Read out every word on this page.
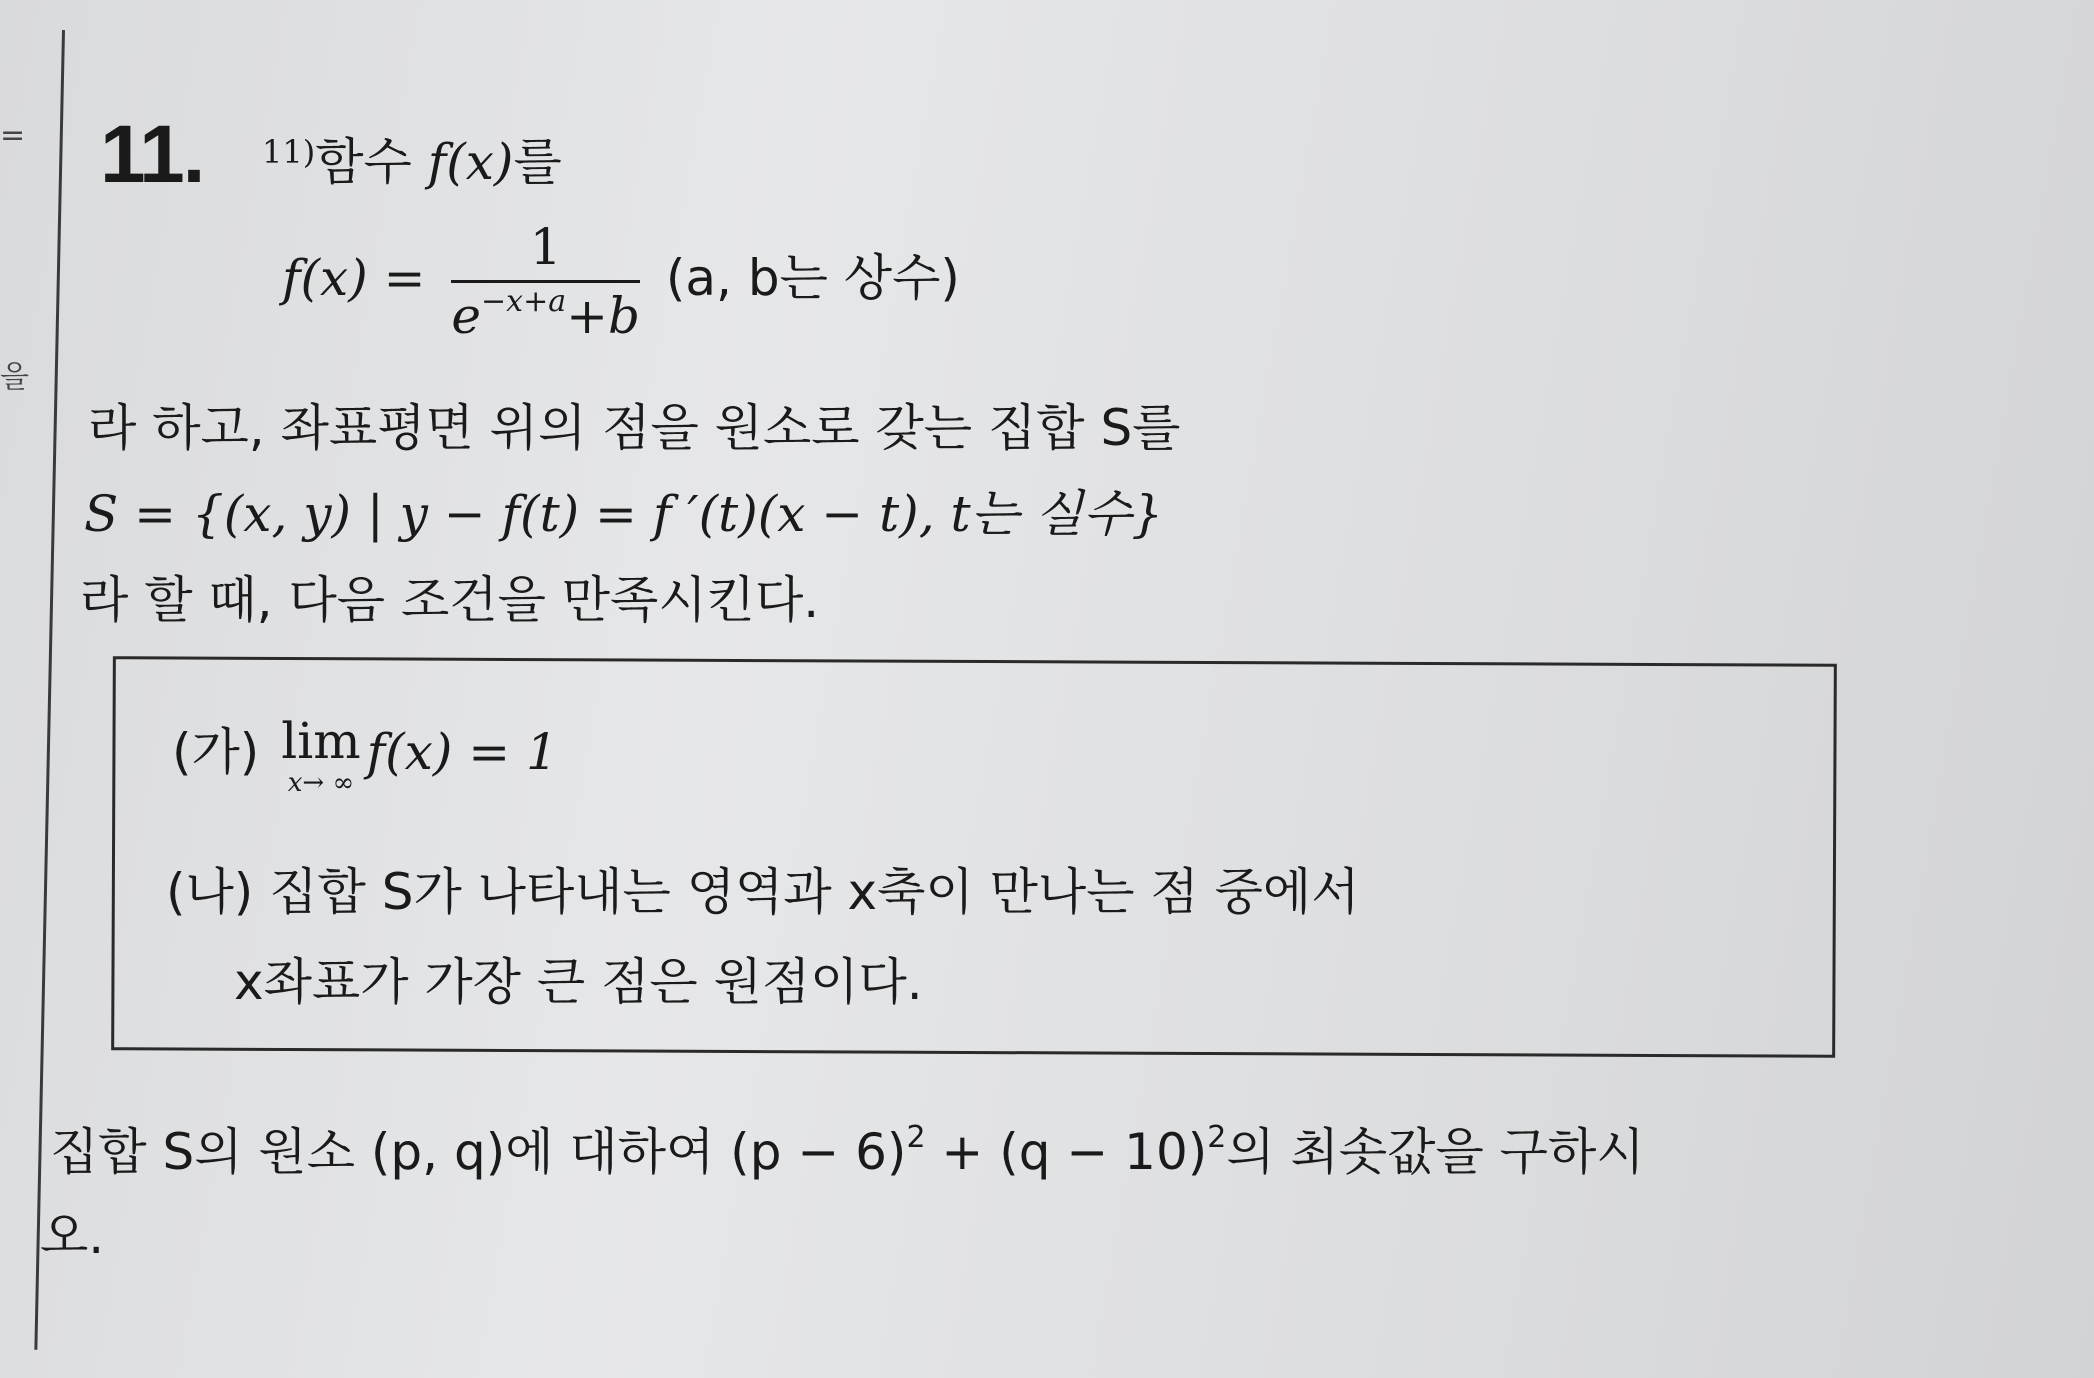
=
을
11. $^{11)}$함수 f(x)를
$f(x) = \frac{1}{e^{-x+a}+b} (a$, b는 상수)
라 하고, 좌표평면 위의 점을 원소로 갖는 집합 S를
S = {(x, y) | y − f(t) = f ′(t)(x − t), t는 실수}
라 할 때, 다음 조건을 만족시킨다.
(가) lim
x→ ∞
f(x) = 1
(나) 집합 S가 나타내는 영역과 x축이 만나는 점 중에서
x좌표가 가장 큰 점은 원점이다.
집합 S의 원소 (p, q)에 대하여 $(p - 6)^2 + (q - 10)^2$의 최솟값을 구하시
오.
